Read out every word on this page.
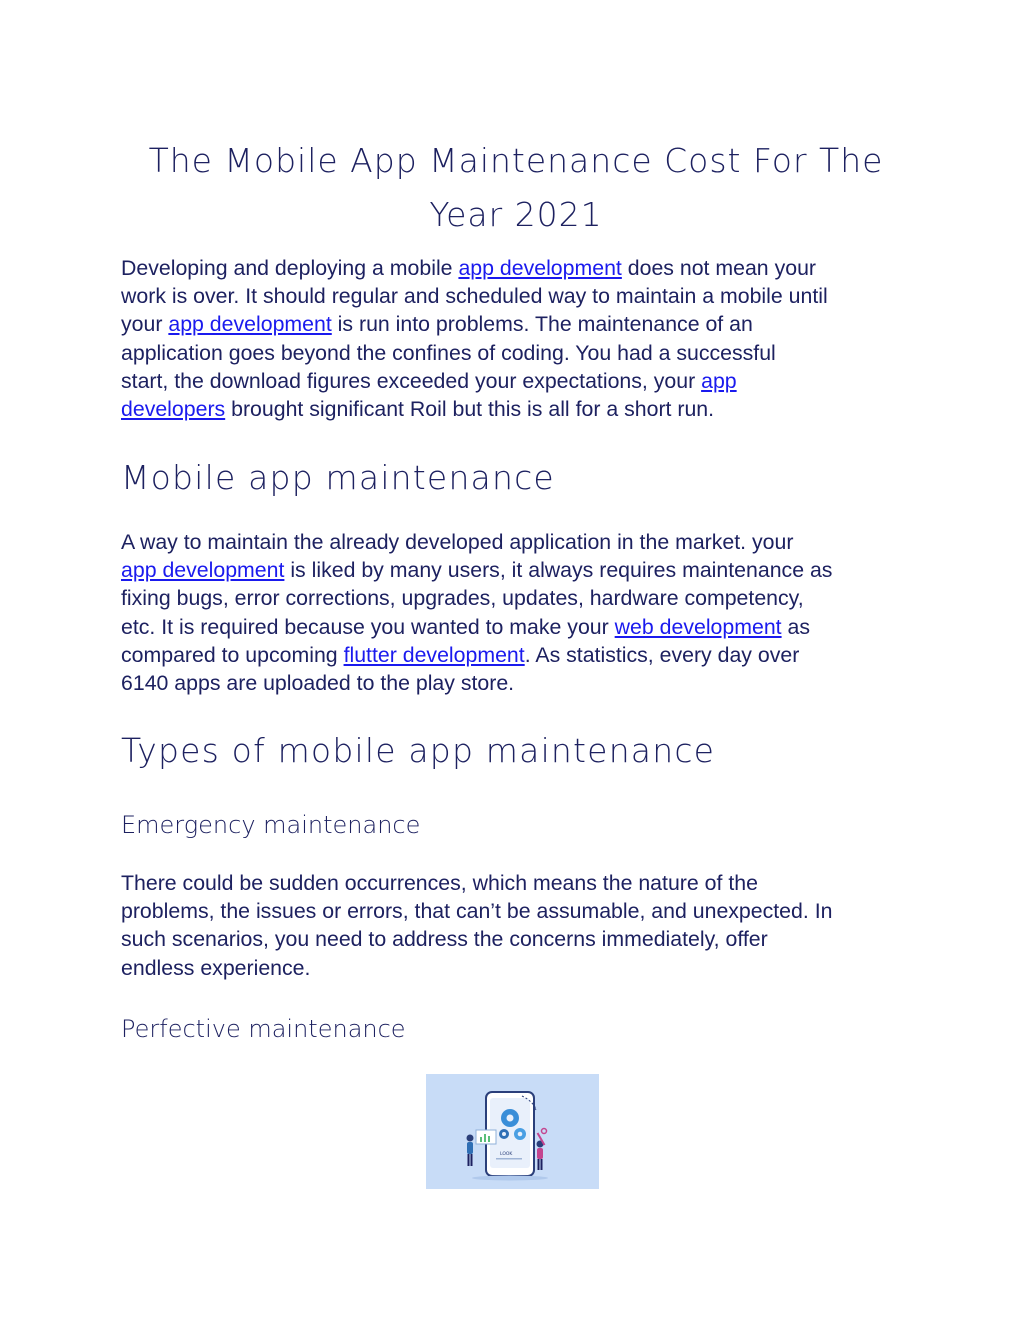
The Mobile App Maintenance Cost For The
Year 2021

Developing and deploying a mobile app development does not mean your
work is over. It should regular and scheduled way to maintain a mobile until
your app development is run into problems. The maintenance of an
application goes beyond the confines of coding. You had a successful
start, the download figures exceeded your expectations, your app
developers brought significant Roil but this is all for a short run.

Mobile app maintenance

A way to maintain the already developed application in the market. your
app development is liked by many users, it always requires maintenance as
fixing bugs, error corrections, upgrades, updates, hardware competency,
etc. It is required because you wanted to make your web development as
compared to upcoming flutter development. As statistics, every day over
6140 apps are uploaded to the play store.

Types of mobile app maintenance
Emergency maintenance

There could be sudden occurrences, which means the nature of the
problems, the issues or errors, that can’t be assumable, and unexpected. In
such scenarios, you need to address the concerns immediately, offer
endless experience.

Perfective maintenance
LOOK
